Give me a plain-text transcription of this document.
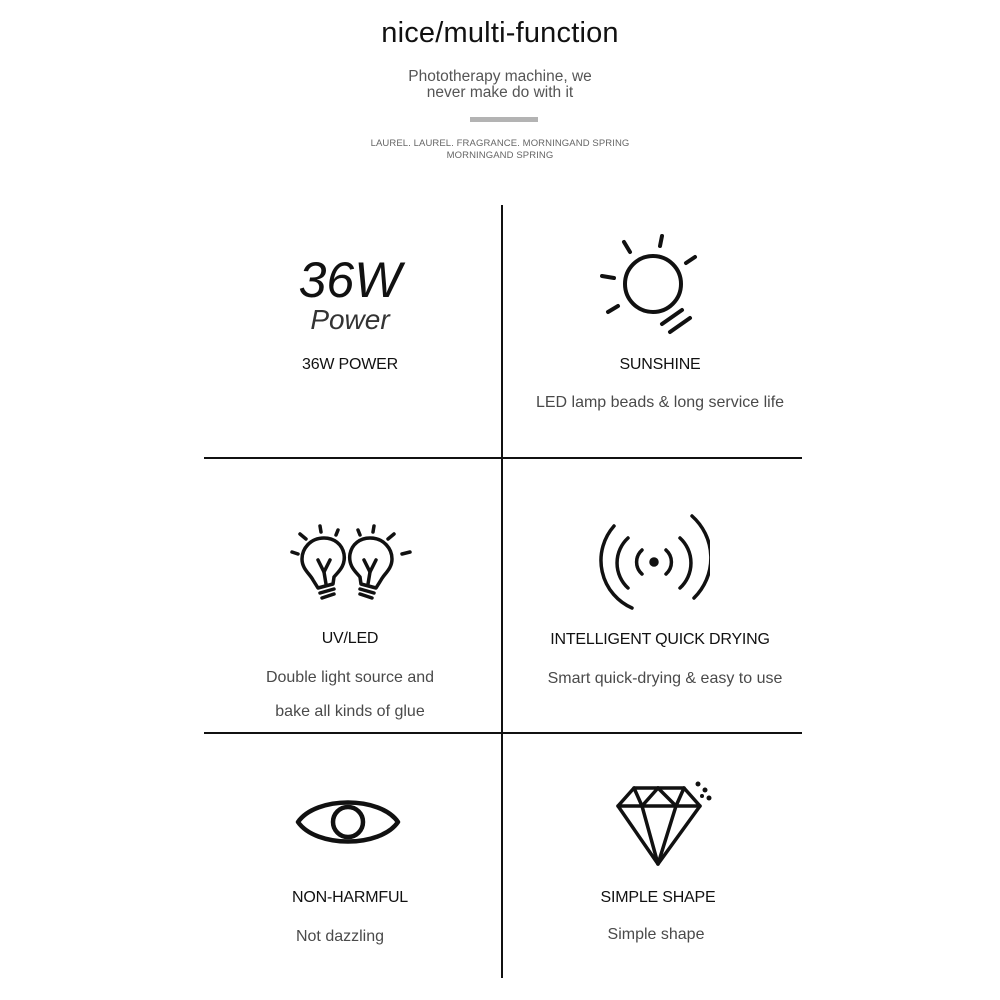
nice/multi-function
Phototherapy machine, we
never make do with it
LAUREL. LAUREL. FRAGRANCE. MORNINGAND SPRING
MORNINGAND SPRING
36W
Power
36W POWER	SUNSHINE
LED lamp beads & long service life
UV/LED
Double light source and
bake all kinds of glue
INTELLIGENT QUICK DRYING
Smart quick-drying & easy to use
NON-HARMFUL
Not dazzling
SIMPLE SHAPE
Simple shape
